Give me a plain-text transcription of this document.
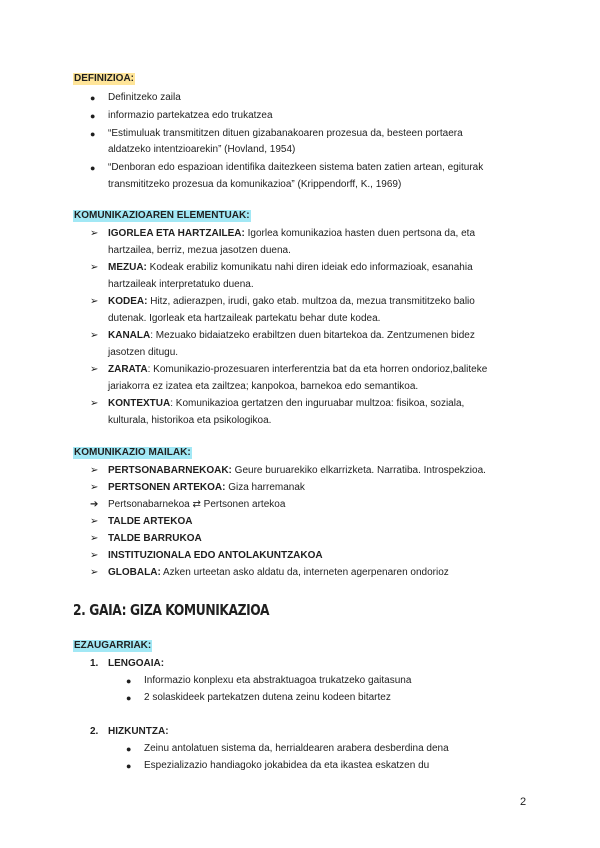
DEFINIZIOA:
● Definitzeko zaila
● informazio partekatzea edo trukatzea
● “Estimuluak transmititzen dituen gizabanakoaren prozesua da, besteen portaera
aldatzeko intentzioarekin” (Hovland, 1954)
● “Denboran edo espazioan identifika daitezkeen sistema baten zatien artean, egiturak
transmititzeko prozesua da komunikazioa” (Krippendorff, K., 1969)
KOMUNIKAZIOAREN ELEMENTUAK:
➢ IGORLEA ETA HARTZAILEA: Igorlea komunikazioa hasten duen pertsona da, eta
hartzailea, berriz, mezua jasotzen duena.
➢ MEZUA: Kodeak erabiliz komunikatu nahi diren ideiak edo informazioak, esanahia
hartzaileak interpretatuko duena.
➢ KODEA: Hitz, adierazpen, irudi, gako etab. multzoa da, mezua transmititzeko balio
dutenak. Igorleak eta hartzaileak partekatu behar dute kodea.
➢ KANALA: Mezuako bidaiatzeko erabiltzen duen bitartekoa da. Zentzumenen bidez
jasotzen ditugu.
➢ ZARATA: Komunikazio-prozesuaren interferentzia bat da eta horren ondorioz,baliteke
jariakorra ez izatea eta zailtzea; kanpokoa, barnekoa edo semantikoa.
➢ KONTEXTUA: Komunikazioa gertatzen den inguruabar multzoa: fisikoa, soziala,
kulturala, historikoa eta psikologikoa.
KOMUNIKAZIO MAILAK:
➢ PERTSONABARNEKOAK: Geure buruarekiko elkarrizketa. Narratiba. Introspekzioa.
➢ PERTSONEN ARTEKOA: Giza harremanak
➔ Pertsonabarnekoa ⇄ Pertsonen artekoa
➢ TALDE ARTEKOA
➢ TALDE BARRUKOA
➢ INSTITUZIONALA EDO ANTOLAKUNTZAKOA
➢ GLOBALA: Azken urteetan asko aldatu da, interneten agerpenaren ondorioz
2. GAIA: GIZA KOMUNIKAZIOA
EZAUGARRIAK:
1. LENGOAIA:
● Informazio konplexu eta abstraktuagoa trukatzeko gaitasuna
● 2 solaskideek partekatzen dutena zeinu kodeen bitartez
2. HIZKUNTZA:
● Zeinu antolatuen sistema da, herrialdearen arabera desberdina dena
● Espezializazio handiagoko jokabidea da eta ikastea eskatzen du
2
